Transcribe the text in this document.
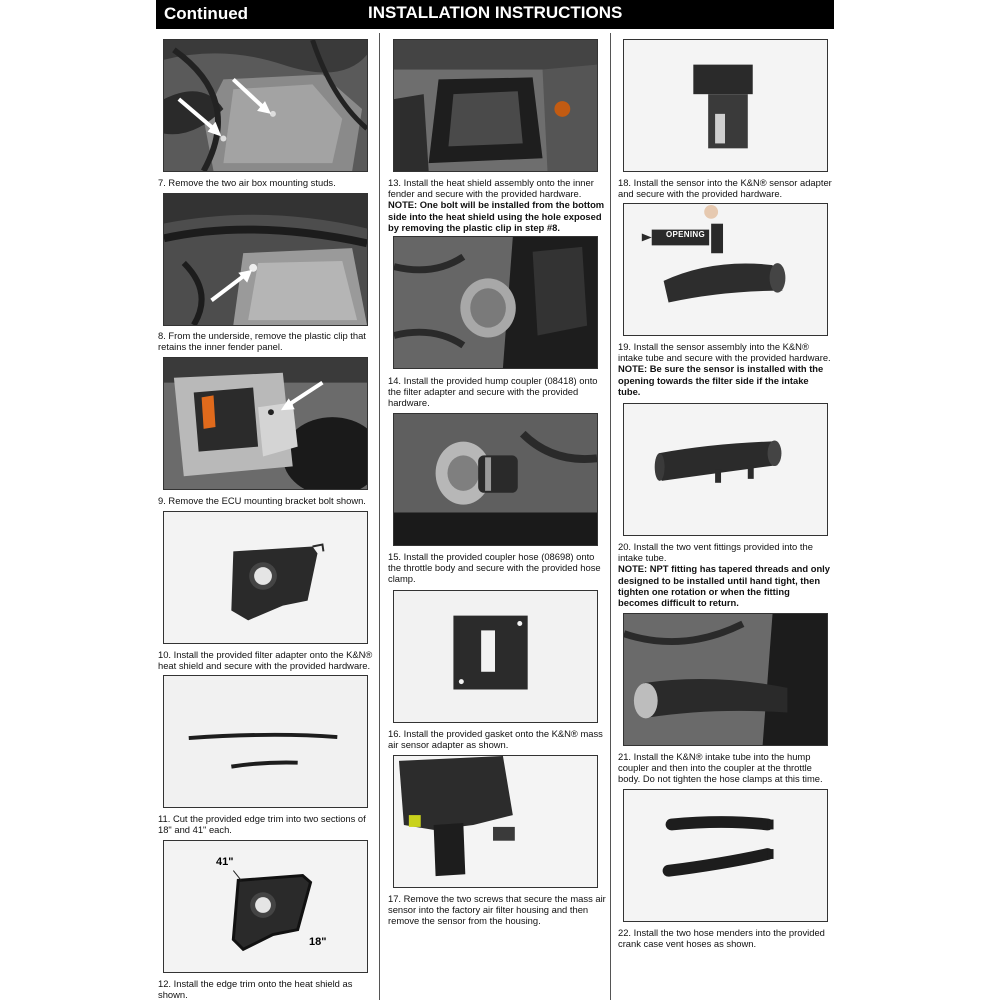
Continued	INSTALLATION INSTRUCTIONS
7. Remove the two air box mounting studs.
8. From the underside, remove the plastic clip that retains the inner fender panel.
9. Remove the ECU mounting bracket bolt shown.
10. Install the provided filter adapter onto the K&N® heat shield and secure with the provided hardware.
11. Cut the provided edge trim into two sections of 18" and 41" each.
41"
18"
12. Install the edge trim onto the heat shield as shown.
13. Install the heat shield assembly onto the inner fender and secure with the provided hardware.
NOTE: One bolt will be installed from the bottom side into the heat shield using the hole exposed by removing the plastic clip in step #8.
14. Install the provided hump coupler (08418) onto the filter adapter and secure with the provided hardware.
15. Install the provided coupler hose (08698) onto the throttle body and secure with the provided hose clamp.
16. Install the provided gasket onto the K&N® mass air sensor adapter as shown.
17. Remove the two screws that secure the mass air sensor into the factory air filter housing and then remove the sensor from the housing.
18. Install the sensor into the K&N® sensor adapter and secure with the provided hardware.
OPENING
19. Install the sensor assembly into the K&N® intake tube and secure with the provided hardware.
NOTE: Be sure the sensor is installed with the opening towards the filter side if the intake tube.
20. Install the two vent fittings provided into the intake tube.
NOTE: NPT fitting has tapered threads and only designed to be installed until hand tight, then tighten one rotation or when the fitting becomes difficult to return.
21. Install the K&N® intake tube into the hump coupler and then into the coupler at the throttle body. Do not tighten the hose clamps at this time.
22. Install the two hose menders into the provided crank case vent hoses as shown.
